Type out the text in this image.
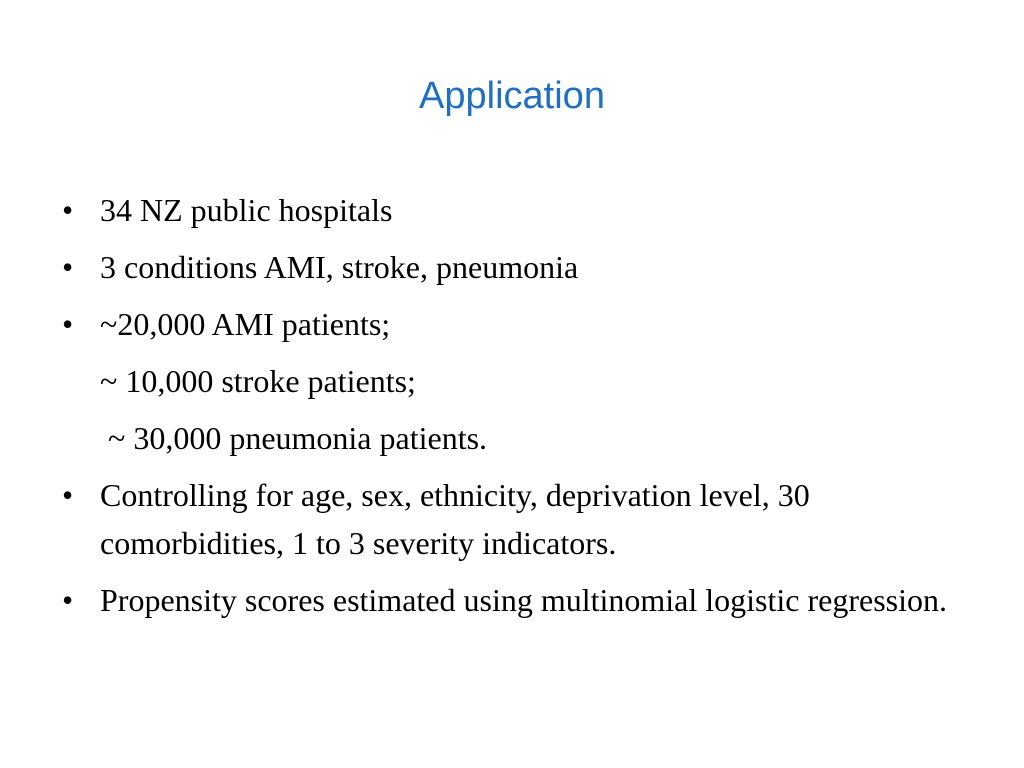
Application
• 34 NZ public hospitals
• 3 conditions AMI, stroke, pneumonia
• ~20,000 AMI patients;
~ 10,000 stroke patients;
~ 30,000 pneumonia patients.
• Controlling for age, sex, ethnicity, deprivation level, 30 comorbidities, 1 to 3 severity indicators.
• Propensity scores estimated using multinomial logistic regression.
